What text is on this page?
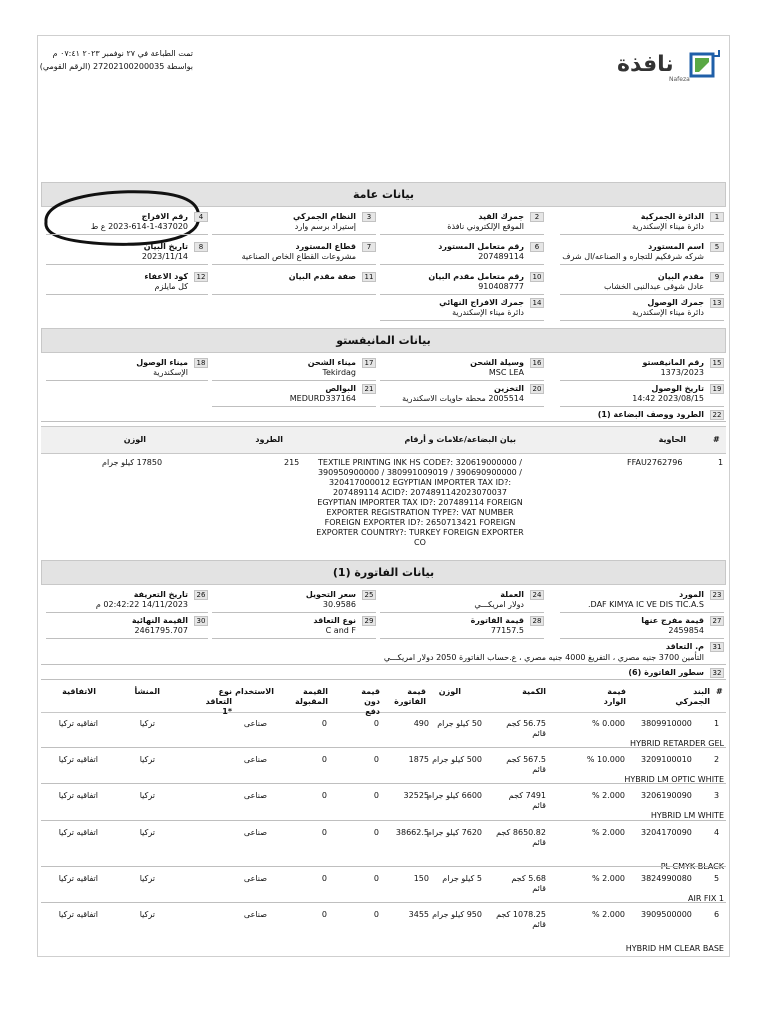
تمت الطباعة في ٢٧ نوفمبر ٢٠٢٣ ٠٧:٤١ م
بواسطة 27202100200035 (الرقم القومي)	نافذة
Nafeza
بيانات عامة
بيانات المانيفستو
#
الحاوية
بيان البضاعة/علامات و أرقام
الطرود
الوزن
1
FFAU2762796
TEXTILE PRINTING INK HS CODE?: 320619000000 /
390950900000 / 380991009019 / 390690900000 /
320417000012 EGYPTIAN IMPORTER TAX ID?:
207489114 ACID?: 2074891142023070037
EGYPTIAN IMPORTER TAX ID?: 207489114 FOREIGN
EXPORTER REGISTRATION TYPE?: VAT NUMBER
FOREIGN EXPORTER ID?: 2650713421 FOREIGN
EXPORTER COUNTRY?: TURKEY FOREIGN EXPORTER
CO
215
17850 كيلو جرام
بيانات الفاتورة (1)
#
البند الجمركي
فيمة الوارد
الكمية
الوزن
قيمة الفاتورة
قيمة دون دفع
القيمة المقبولة
الاستخدام
نوع التعاقد *1
المنشأ
الاتفاقية
1
الدائرة الجمركية
دائرة ميناء الإسكندرية
2
جمرك القيد
الموقع الإلكتروني نافذة
3
النظام الجمركي
إستيراد برسم وارد
4
رقم الافراج
2023-614-1-437020 ع ط
5
اسم المستورد
شركه شرفكيم للتجاره و الصناعه/ال شرف
6
رقم متعامل المستورد
207489114
7
قطاع المستورد
مشروعات القطاع الخاص الصناعية
8
تاريخ البيان
2023/11/14
9
مقدم البيان
عادل شوقى عبدالنبى الخشاب
10
رقم متعامل مقدم البيان
910408777
11
صفة مقدم البيان
12
كود الاعفاء
كل مايلزم
13
جمرك الوصول
دائرة ميناء الإسكندرية
14
جمرك الافراج النهائي
دائرة ميناء الإسكندرية
15
رقم المانيفستو
1373/2023
16
وسيلة الشحن
MSC LEA
17
ميناء الشحن
Tekirdag
18
ميناء الوصول
الإسكندرية
19
تاريخ الوصول
2023/08/15 14:42
20
التخزين
2005514 محطة حاويات الاسكندرية
21
البوالص
MEDURD337164
22
الطرود ووصف البضاعة (1)
23
المورد
DAF KIMYA IC VE DIS TIC.A.S.
24
العملة
دولار امريكـــي
25
سعر التحويل
30.9586
26
تاريخ التعريفة
14/11/2023 02:42:22 م
27
قيمة مفرج عنها
2459854
28
قيمة الفاتورة
77157.5
29
نوع التعاقد
C and F
30
القيمة النهائية
2461795.707
31
م. التعاقد
التأمين 3700 جنيه مصري ، التفريغ 4000 جنيه مصري ، ع.حساب الفاتورة 2050 دولار امريكـــي
32
سطور الفاتورة (6)
1
3809910000
0.000 %
56.75 كجم قائم
50 كيلو جرام
490
0
0
صناعى
تركيا
اتفاقيه تركيا
HYBRID RETARDER GEL
2
3209100010
10.000 %
567.5 كجم قائم
500 كيلو جرام
1875
0
0
صناعى
تركيا
اتفاقيه تركيا
HYBRID LM OPTIC WHITE
3
3206190090
2.000 %
7491 كجم قائم
6600 كيلو جرام
32525
0
0
صناعى
تركيا
اتفاقيه تركيا
HYBRID LM WHITE
4
3204170090
2.000 %
8650.82 كجم قائم
7620 كيلو جرام
38662.5
0
0
صناعى
تركيا
اتفاقيه تركيا
PL CMYK BLACK
5
3824990080
2.000 %
5.68 كجم قائم
5 كيلو جرام
150
0
0
صناعى
تركيا
اتفاقيه تركيا
AIR FIX 1
6
3909500000
2.000 %
1078.25 كجم قائم
950 كيلو جرام
3455
0
0
صناعى
تركيا
اتفاقيه تركيا
HYBRID HM CLEAR BASE
